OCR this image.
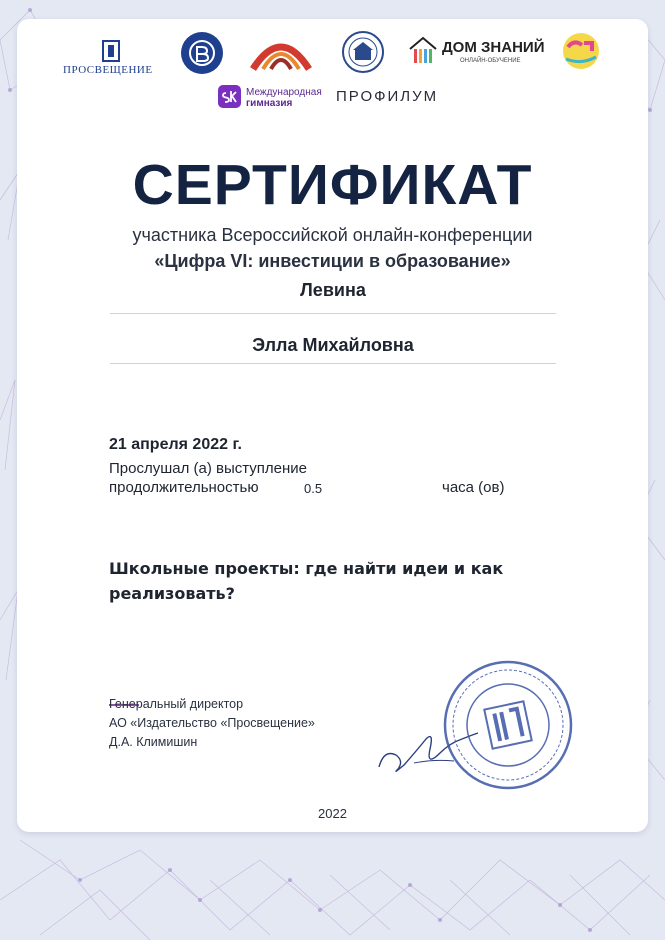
ПРОСВЕЩЕНИЕ
ДОМ ЗНАНИЙ
ОНЛАЙН-ОБУЧЕНИЕ
Международная
гимназия	ПРОФИЛУМ
СЕРТИФИКАТ
участника Всероссийской онлайн-конференции
«Цифра VI: инвестиции в образование»
Левина
Элла Михайловна
21 апреля 2022 г.
Прослушал (а) выступление
продолжительностью	0.5	часа (ов)
Школьные проекты: где найти идеи и как реализовать?
Генеральный директор
АО «Издательство «Просвещение»
Д.А. Климишин
2022
